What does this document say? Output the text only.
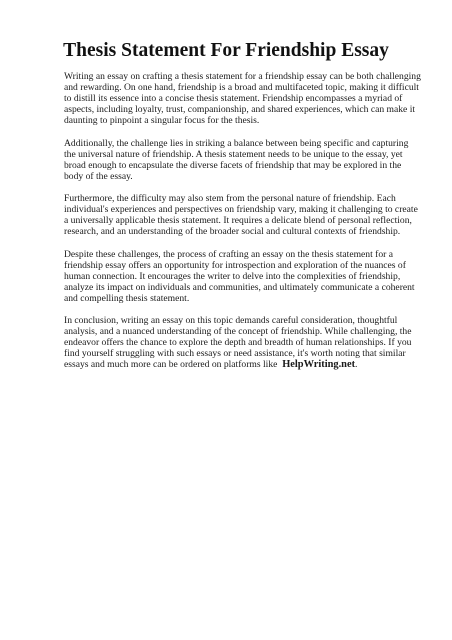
Thesis Statement For Friendship Essay

Writing an essay on crafting a thesis statement for a friendship essay can be both challenging and rewarding. On one hand, friendship is a broad and multifaceted topic, making it difficult to distill its essence into a concise thesis statement. Friendship encompasses a myriad of aspects, including loyalty, trust, companionship, and shared experiences, which can make it daunting to pinpoint a singular focus for the thesis.

Additionally, the challenge lies in striking a balance between being specific and capturing the universal nature of friendship. A thesis statement needs to be unique to the essay, yet broad enough to encapsulate the diverse facets of friendship that may be explored in the body of the essay.

Furthermore, the difficulty may also stem from the personal nature of friendship. Each individual's experiences and perspectives on friendship vary, making it challenging to create a universally applicable thesis statement. It requires a delicate blend of personal reflection, research, and an understanding of the broader social and cultural contexts of friendship.

Despite these challenges, the process of crafting an essay on the thesis statement for a friendship essay offers an opportunity for introspection and exploration of the nuances of human connection. It encourages the writer to delve into the complexities of friendship, analyze its impact on individuals and communities, and ultimately communicate a coherent and compelling thesis statement.

In conclusion, writing an essay on this topic demands careful consideration, thoughtful analysis, and a nuanced understanding of the concept of friendship. While challenging, the endeavor offers the chance to explore the depth and breadth of human relationships. If you find yourself struggling with such essays or need assistance, it's worth noting that similar essays and much more can be ordered on platforms like HelpWriting.net.
